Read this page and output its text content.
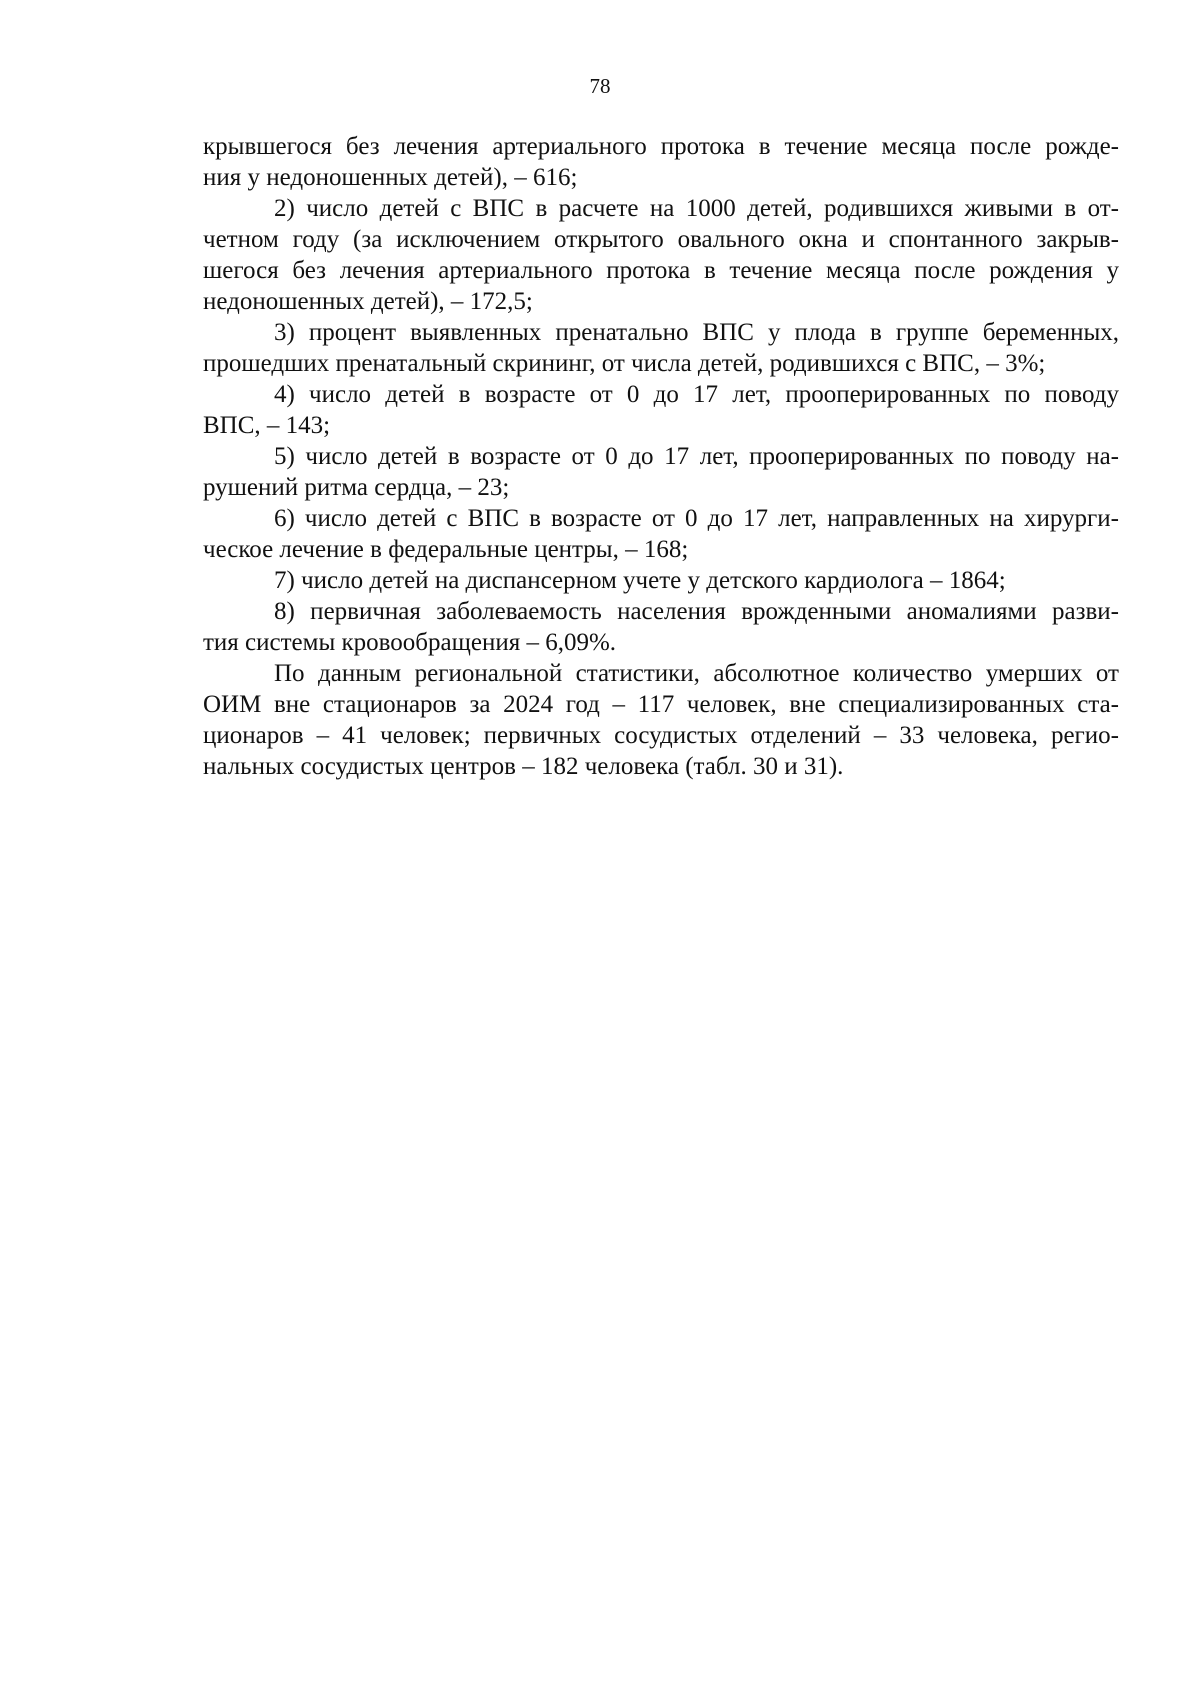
78
крывшегося без лечения артериального протока в течение месяца после рожде-
ния у недоношенных детей), – 616;
2) число детей с ВПС в расчете на 1000 детей, родившихся живыми в от-
четном году (за исключением открытого овального окна и спонтанного закрыв-
шегося без лечения артериального протока в течение месяца после рождения у
недоношенных детей), – 172,5;
3) процент выявленных пренатально ВПС у плода в группе беременных,
прошедших пренатальный скрининг, от числа детей, родившихся с ВПС, – 3%;
4) число детей в возрасте от 0 до 17 лет, прооперированных по поводу
ВПС, – 143;
5) число детей в возрасте от 0 до 17 лет, прооперированных по поводу на-
рушений ритма сердца, – 23;
6) число детей с ВПС в возрасте от 0 до 17 лет, направленных на хирурги-
ческое лечение в федеральные центры, – 168;
7) число детей на диспансерном учете у детского кардиолога – 1864;
8) первичная заболеваемость населения врожденными аномалиями разви-
тия системы кровообращения – 6,09%.
По данным региональной статистики, абсолютное количество умерших от
ОИМ вне стационаров за 2024 год – 117 человек, вне специализированных ста-
ционаров – 41 человек; первичных сосудистых отделений – 33 человека, регио-
нальных сосудистых центров – 182 человека (табл. 30 и 31).
